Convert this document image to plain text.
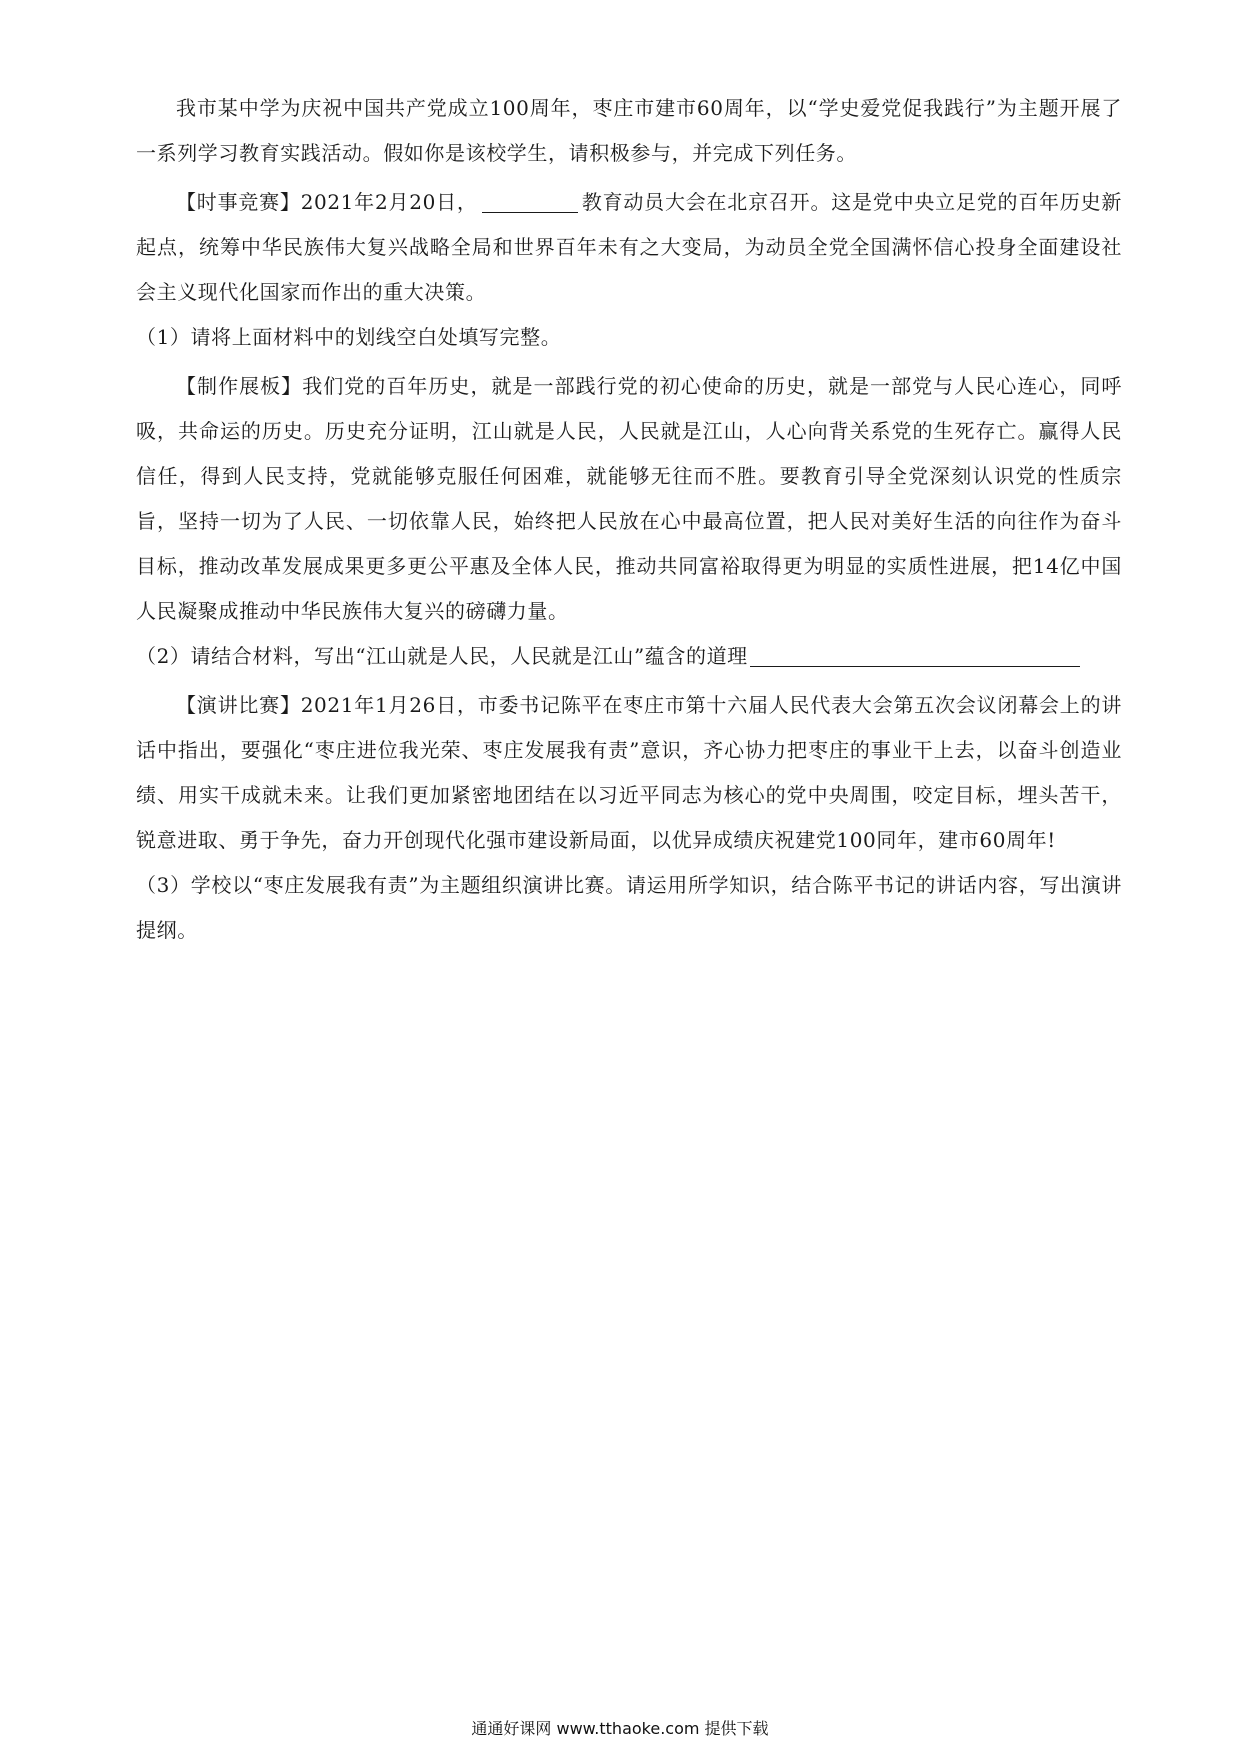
我市某中学为庆祝中国共产党成立100周年，枣庄市建市60周年，以“学史爱党促我践行”为主题开展了一系列学习教育实践活动。假如你是该校学生，请积极参与，并完成下列任务。

【时事竞赛】2021年2月20日，	教育动员大会在北京召开。这是党中央立足党的百年历史新起点，统筹中华民族伟大复兴战略全局和世界百年未有之大变局，为动员全党全国满怀信心投身全面建设社会主义现代化国家而作出的重大决策。

（1）请将上面材料中的划线空白处填写完整。

【制作展板】我们党的百年历史，就是一部践行党的初心使命的历史，就是一部党与人民心连心，同呼吸，共命运的历史。历史充分证明，江山就是人民，人民就是江山，人心向背关系党的生死存亡。赢得人民信任，得到人民支持，党就能够克服任何困难，就能够无往而不胜。要教育引导全党深刻认识党的性质宗旨，坚持一切为了人民、一切依靠人民，始终把人民放在心中最高位置，把人民对美好生活的向往作为奋斗目标，推动改革发展成果更多更公平惠及全体人民，推动共同富裕取得更为明显的实质性进展，把14亿中国人民凝聚成推动中华民族伟大复兴的磅礴力量。

（2）请结合材料，写出“江山就是人民，人民就是江山”蕴含的道理

【演讲比赛】2021年1月26日，市委书记陈平在枣庄市第十六届人民代表大会第五次会议闭幕会上的讲话中指出，要强化“枣庄进位我光荣、枣庄发展我有责”意识，齐心协力把枣庄的事业干上去，以奋斗创造业绩、用实干成就未来。让我们更加紧密地团结在以习近平同志为核心的党中央周围，咬定目标，埋头苦干，锐意进取、勇于争先，奋力开创现代化强市建设新局面，以优异成绩庆祝建党100同年，建市60周年!

（3）学校以“枣庄发展我有责”为主题组织演讲比赛。请运用所学知识，结合陈平书记的讲话内容，写出演讲提纲。

通通好课网 www.tthaoke.com 提供下载
